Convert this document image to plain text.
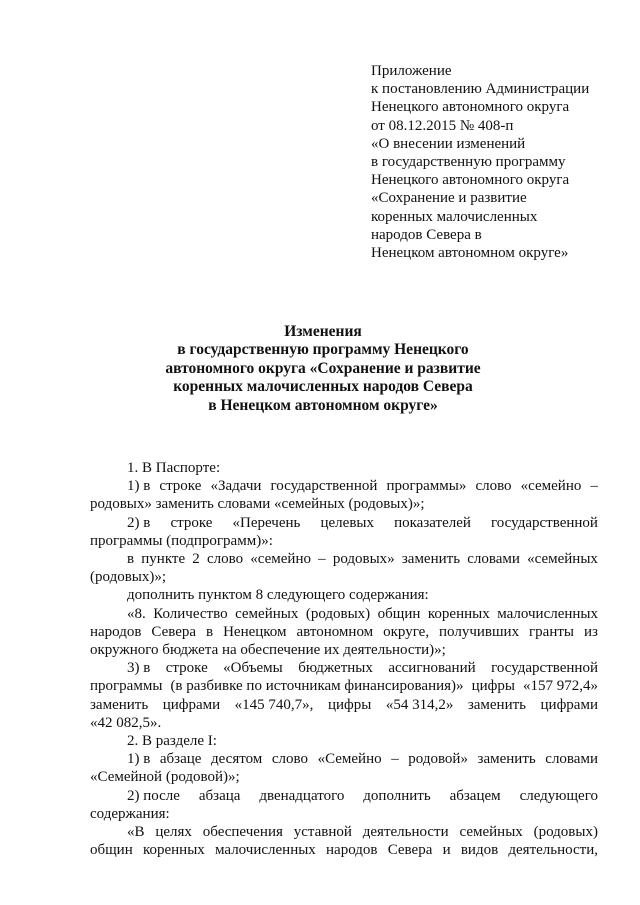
Приложение
к постановлению Администрации
Ненецкого автономного округа
от 08.12.2015 № 408-п
«О внесении изменений
в государственную программу
Ненецкого автономного округа
«Сохранение и развитие
коренных малочисленных
народов Севера в
Ненецком автономном округе»
Изменения
в государственную программу Ненецкого
автономного округа «Сохранение и развитие
коренных малочисленных народов Севера
в Ненецком автономном округе»
1. В Паспорте:
1) в строке «Задачи государственной программы» слово «семейно –
родовых» заменить словами «семейных (родовых)»;
2) в строке «Перечень целевых показателей государственной
программы (подпрограмм)»:
в пункте 2 слово «семейно – родовых» заменить словами «семейных
(родовых)»;
дополнить пунктом 8 следующего содержания:
«8. Количество семейных (родовых) общин коренных малочисленных
народов Севера в Ненецком автономном округе, получивших гранты из
окружного бюджета на обеспечение их деятельности)»;
3) в строке «Объемы бюджетных ассигнований государственной
программы (в разбивке по источникам финансирования)» цифры «157 972,4»
заменить цифрами «145 740,7», цифры «54 314,2» заменить цифрами
«42 082,5».
2. В разделе I:
1) в абзаце десятом слово «Семейно – родовой» заменить словами
«Семейной (родовой)»;
2) после абзаца двенадцатого дополнить абзацем следующего
содержания:
«В целях обеспечения уставной деятельности семейных (родовых)
общин коренных малочисленных народов Севера и видов деятельности,
